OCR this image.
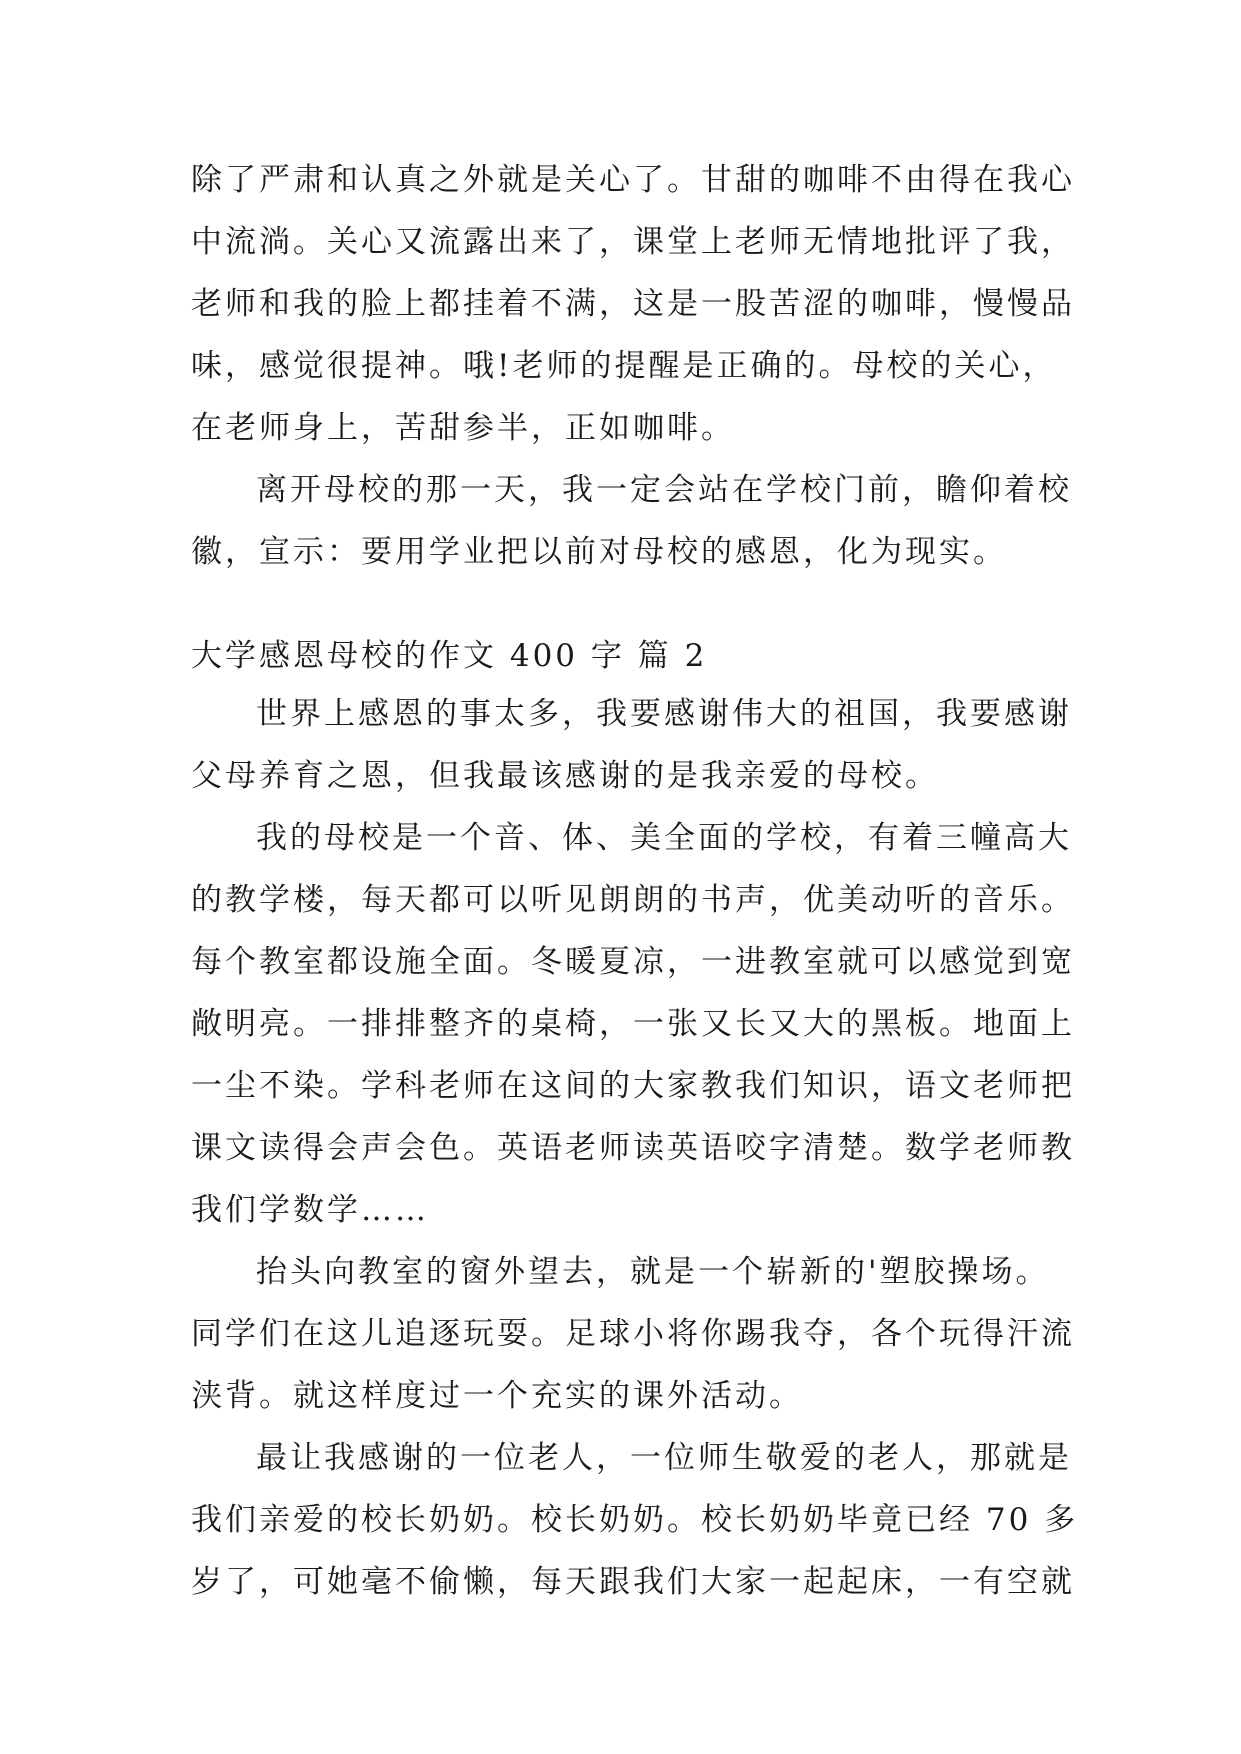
除了严肃和认真之外就是关心了。甘甜的咖啡不由得在我心
中流淌。关心又流露出来了，课堂上老师无情地批评了我，
老师和我的脸上都挂着不满，这是一股苦涩的咖啡，慢慢品
味，感觉很提神。哦!老师的提醒是正确的。母校的关心，
在老师身上，苦甜参半，正如咖啡。
离开母校的那一天，我一定会站在学校门前，瞻仰着校
徽，宣示：要用学业把以前对母校的感恩，化为现实。
大学感恩母校的作文 400 字 篇 2
世界上感恩的事太多，我要感谢伟大的祖国，我要感谢
父母养育之恩，但我最该感谢的是我亲爱的母校。
我的母校是一个音、体、美全面的学校，有着三幢高大
的教学楼，每天都可以听见朗朗的书声，优美动听的音乐。
每个教室都设施全面。冬暖夏凉，一进教室就可以感觉到宽
敞明亮。一排排整齐的桌椅，一张又长又大的黑板。地面上
一尘不染。学科老师在这间的大家教我们知识，语文老师把
课文读得会声会色。英语老师读英语咬字清楚。数学老师教
我们学数学……
抬头向教室的窗外望去，就是一个崭新的'塑胶操场。
同学们在这儿追逐玩耍。足球小将你踢我夺，各个玩得汗流
浃背。就这样度过一个充实的课外活动。
最让我感谢的一位老人，一位师生敬爱的老人，那就是
我们亲爱的校长奶奶。校长奶奶。校长奶奶毕竟已经 70 多
岁了，可她毫不偷懒，每天跟我们大家一起起床，一有空就
